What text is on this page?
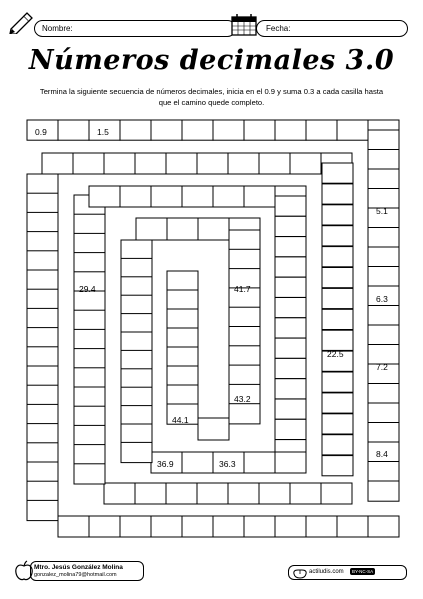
Nombre:	Fecha:
Números decimales 3.0
Termina la siguiente secuencia de números decimales, inicia en el 0.9 y suma 0.3 a cada casilla hasta
que el camino quede completo.
0.9	1.5
5.1
6.3
7.2
8.4
36.9	36.3
22.5
43.2
44.1
41.7
29.4
Mtro. Jesús González Molina
gonzalez_molina79@hotmail.com	actiludis.com	BY-NC-SA
